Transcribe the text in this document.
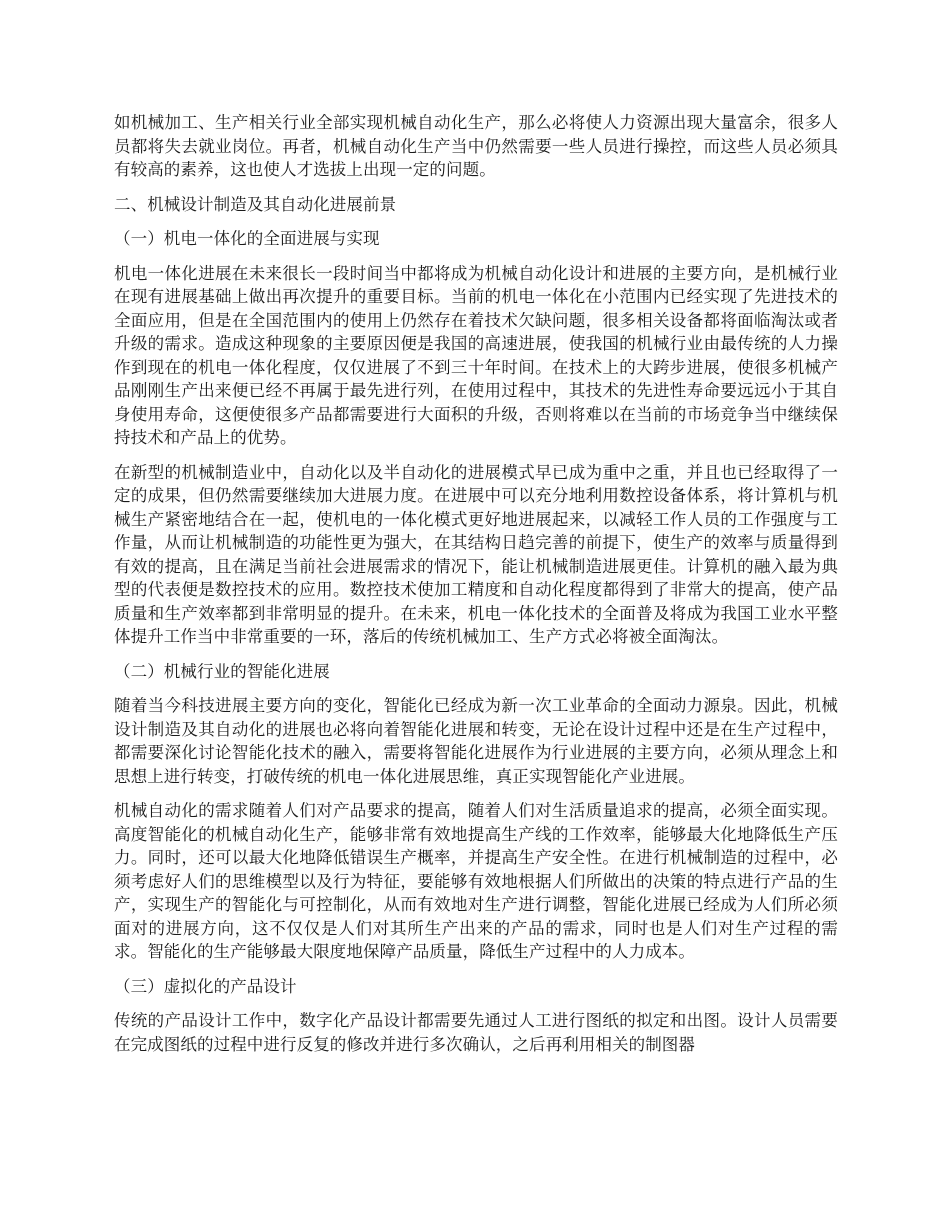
如机械加工、生产相关行业全部实现机械自动化生产，那么必将使人力资源出现大量富余，很多人员都将失去就业岗位。再者，机械自动化生产当中仍然需要一些人员进行操控，而这些人员必须具有较高的素养，这也使人才选拔上出现一定的问题。

二、机械设计制造及其自动化进展前景

（一）机电一体化的全面进展与实现

机电一体化进展在未来很长一段时间当中都将成为机械自动化设计和进展的主要方向，是机械行业在现有进展基础上做出再次提升的重要目标。当前的机电一体化在小范围内已经实现了先进技术的全面应用，但是在全国范围内的使用上仍然存在着技术欠缺问题，很多相关设备都将面临淘汰或者升级的需求。造成这种现象的主要原因便是我国的高速进展，使我国的机械行业由最传统的人力操作到现在的机电一体化程度，仅仅进展了不到三十年时间。在技术上的大跨步进展，使很多机械产品刚刚生产出来便已经不再属于最先进行列，在使用过程中，其技术的先进性寿命要远远小于其自身使用寿命，这便使很多产品都需要进行大面积的升级，否则将难以在当前的市场竞争当中继续保持技术和产品上的优势。

在新型的机械制造业中，自动化以及半自动化的进展模式早已成为重中之重，并且也已经取得了一定的成果，但仍然需要继续加大进展力度。在进展中可以充分地利用数控设备体系，将计算机与机械生产紧密地结合在一起，使机电的一体化模式更好地进展起来，以减轻工作人员的工作强度与工作量，从而让机械制造的功能性更为强大，在其结构日趋完善的前提下，使生产的效率与质量得到有效的提高，且在满足当前社会进展需求的情况下，能让机械制造进展更佳。计算机的融入最为典型的代表便是数控技术的应用。数控技术使加工精度和自动化程度都得到了非常大的提高，使产品质量和生产效率都到非常明显的提升。在未来，机电一体化技术的全面普及将成为我国工业水平整体提升工作当中非常重要的一环，落后的传统机械加工、生产方式必将被全面淘汰。

（二）机械行业的智能化进展

随着当今科技进展主要方向的变化，智能化已经成为新一次工业革命的全面动力源泉。因此，机械设计制造及其自动化的进展也必将向着智能化进展和转变，无论在设计过程中还是在生产过程中，都需要深化讨论智能化技术的融入，需要将智能化进展作为行业进展的主要方向，必须从理念上和思想上进行转变，打破传统的机电一体化进展思维，真正实现智能化产业进展。

机械自动化的需求随着人们对产品要求的提高，随着人们对生活质量追求的提高，必须全面实现。高度智能化的机械自动化生产，能够非常有效地提高生产线的工作效率，能够最大化地降低生产压力。同时，还可以最大化地降低错误生产概率，并提高生产安全性。在进行机械制造的过程中，必须考虑好人们的思维模型以及行为特征，要能够有效地根据人们所做出的决策的特点进行产品的生产，实现生产的智能化与可控制化，从而有效地对生产进行调整，智能化进展已经成为人们所必须面对的进展方向，这不仅仅是人们对其所生产出来的产品的需求，同时也是人们对生产过程的需求。智能化的生产能够最大限度地保障产品质量，降低生产过程中的人力成本。

（三）虚拟化的产品设计

传统的产品设计工作中，数字化产品设计都需要先通过人工进行图纸的拟定和出图。设计人员需要在完成图纸的过程中进行反复的修改并进行多次确认，之后再利用相关的制图器
